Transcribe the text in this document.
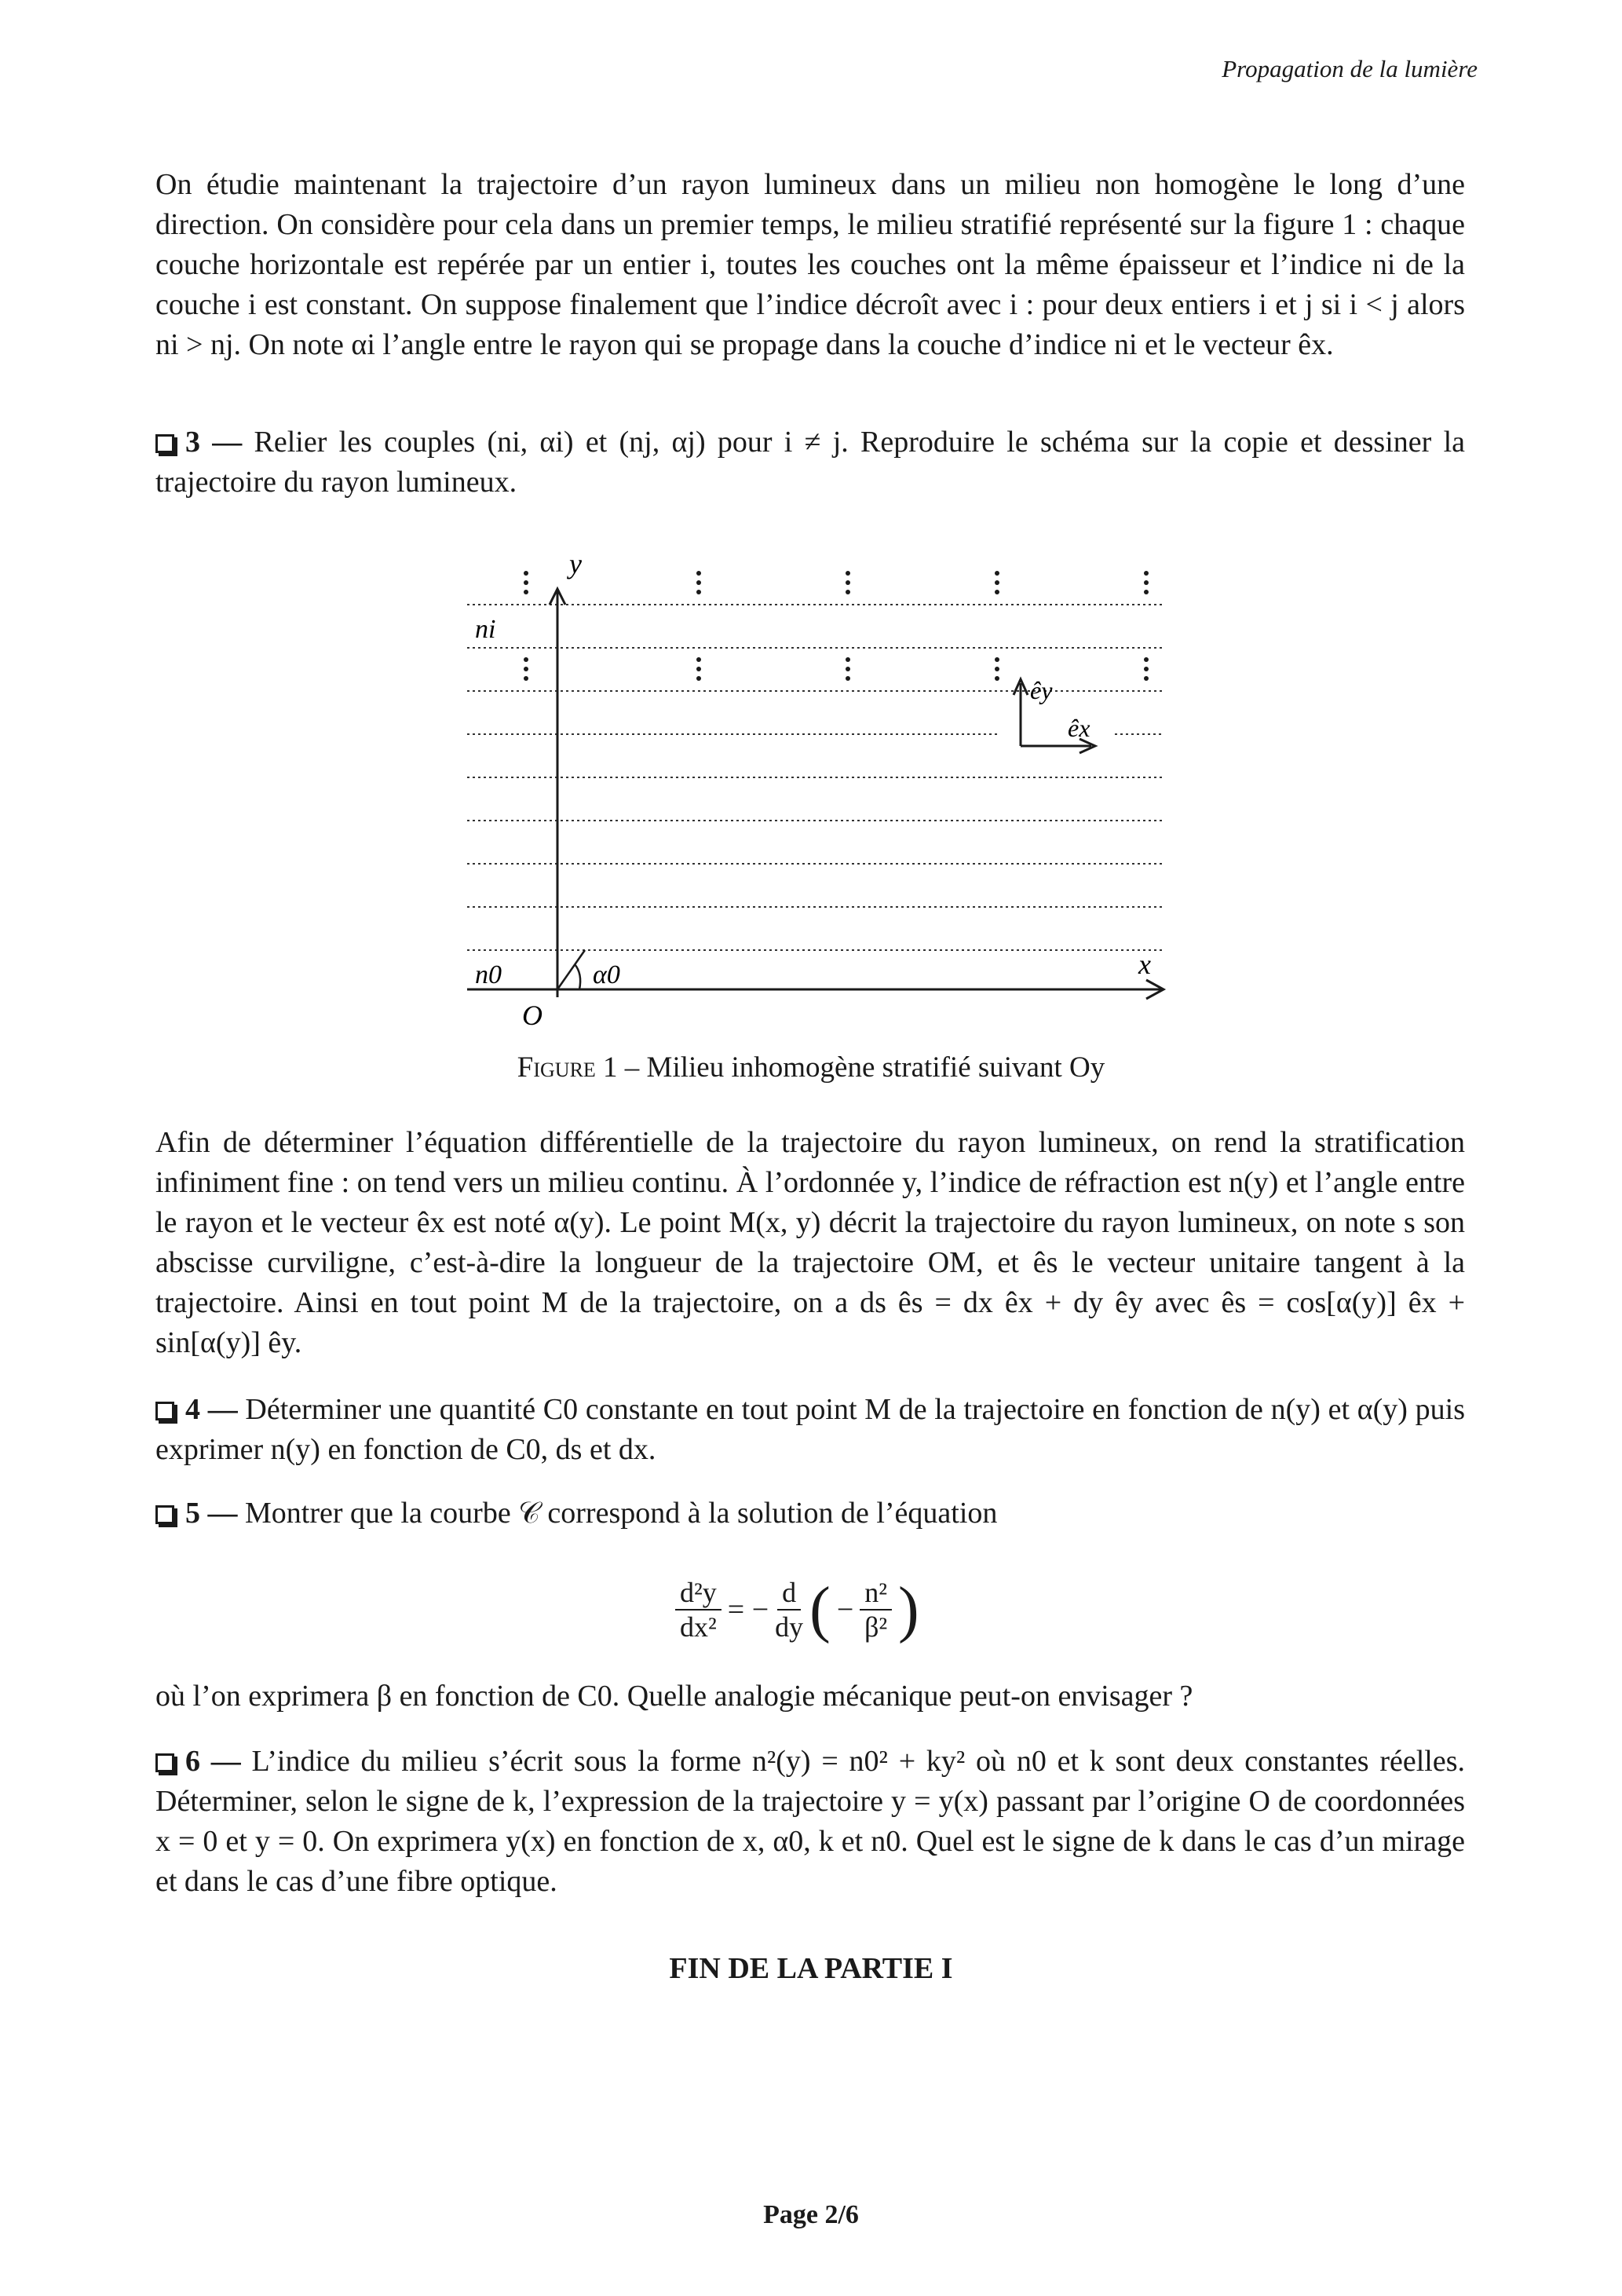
Propagation de la lumière

On étudie maintenant la trajectoire d’un rayon lumineux dans un milieu non homogène le long d’une direction. On considère pour cela dans un premier temps, le milieu stratifié représenté sur la figure 1 : chaque couche horizontale est repérée par un entier i, toutes les couches ont la même épaisseur et l’indice ni de la couche i est constant. On suppose finalement que l’indice décroît avec i : pour deux entiers i et j si i < j alors ni > nj. On note αi l’angle entre le rayon qui se propage dans la couche d’indice ni et le vecteur êx.

3 — Relier les couples (ni, αi) et (nj, αj) pour i ≠ j. Reproduire le schéma sur la copie et dessiner la trajectoire du rayon lumineux.

y
x
O
ni
n0	α0
êy
êx
Figure 1 – Milieu inhomogène stratifié suivant Oy

Afin de déterminer l’équation différentielle de la trajectoire du rayon lumineux, on rend la stratification infiniment fine : on tend vers un milieu continu. À l’ordonnée y, l’indice de réfraction est n(y) et l’angle entre le rayon et le vecteur êx est noté α(y). Le point M(x, y) décrit la trajectoire du rayon lumineux, on note s son abscisse curviligne, c’est-à-dire la longueur de la trajectoire OM, et ês le vecteur unitaire tangent à la trajectoire. Ainsi en tout point M de la trajectoire, on a ds ês = dx êx + dy êy avec ês = cos[α(y)] êx + sin[α(y)] êy.

4 — Déterminer une quantité C0 constante en tout point M de la trajectoire en fonction de n(y) et α(y) puis exprimer n(y) en fonction de C0, ds et dx.

5 — Montrer que la courbe 𝒞 correspond à la solution de l’équation

$\frac{\text{d²y}}{\text{dx²}}$ = − $\frac{d}{dy}$ ( − $\frac{\text{n²}}{\text{β²}}$ )

où l’on exprimera β en fonction de C0. Quelle analogie mécanique peut-on envisager ?

6 — L’indice du milieu s’écrit sous la forme n²(y) = n0² + ky² où n0 et k sont deux constantes réelles. Déterminer, selon le signe de k, l’expression de la trajectoire y = y(x) passant par l’origine O de coordonnées x = 0 et y = 0. On exprimera y(x) en fonction de x, α0, k et n0. Quel est le signe de k dans le cas d’un mirage et dans le cas d’une fibre optique.

FIN DE LA PARTIE I
Page 2/6
